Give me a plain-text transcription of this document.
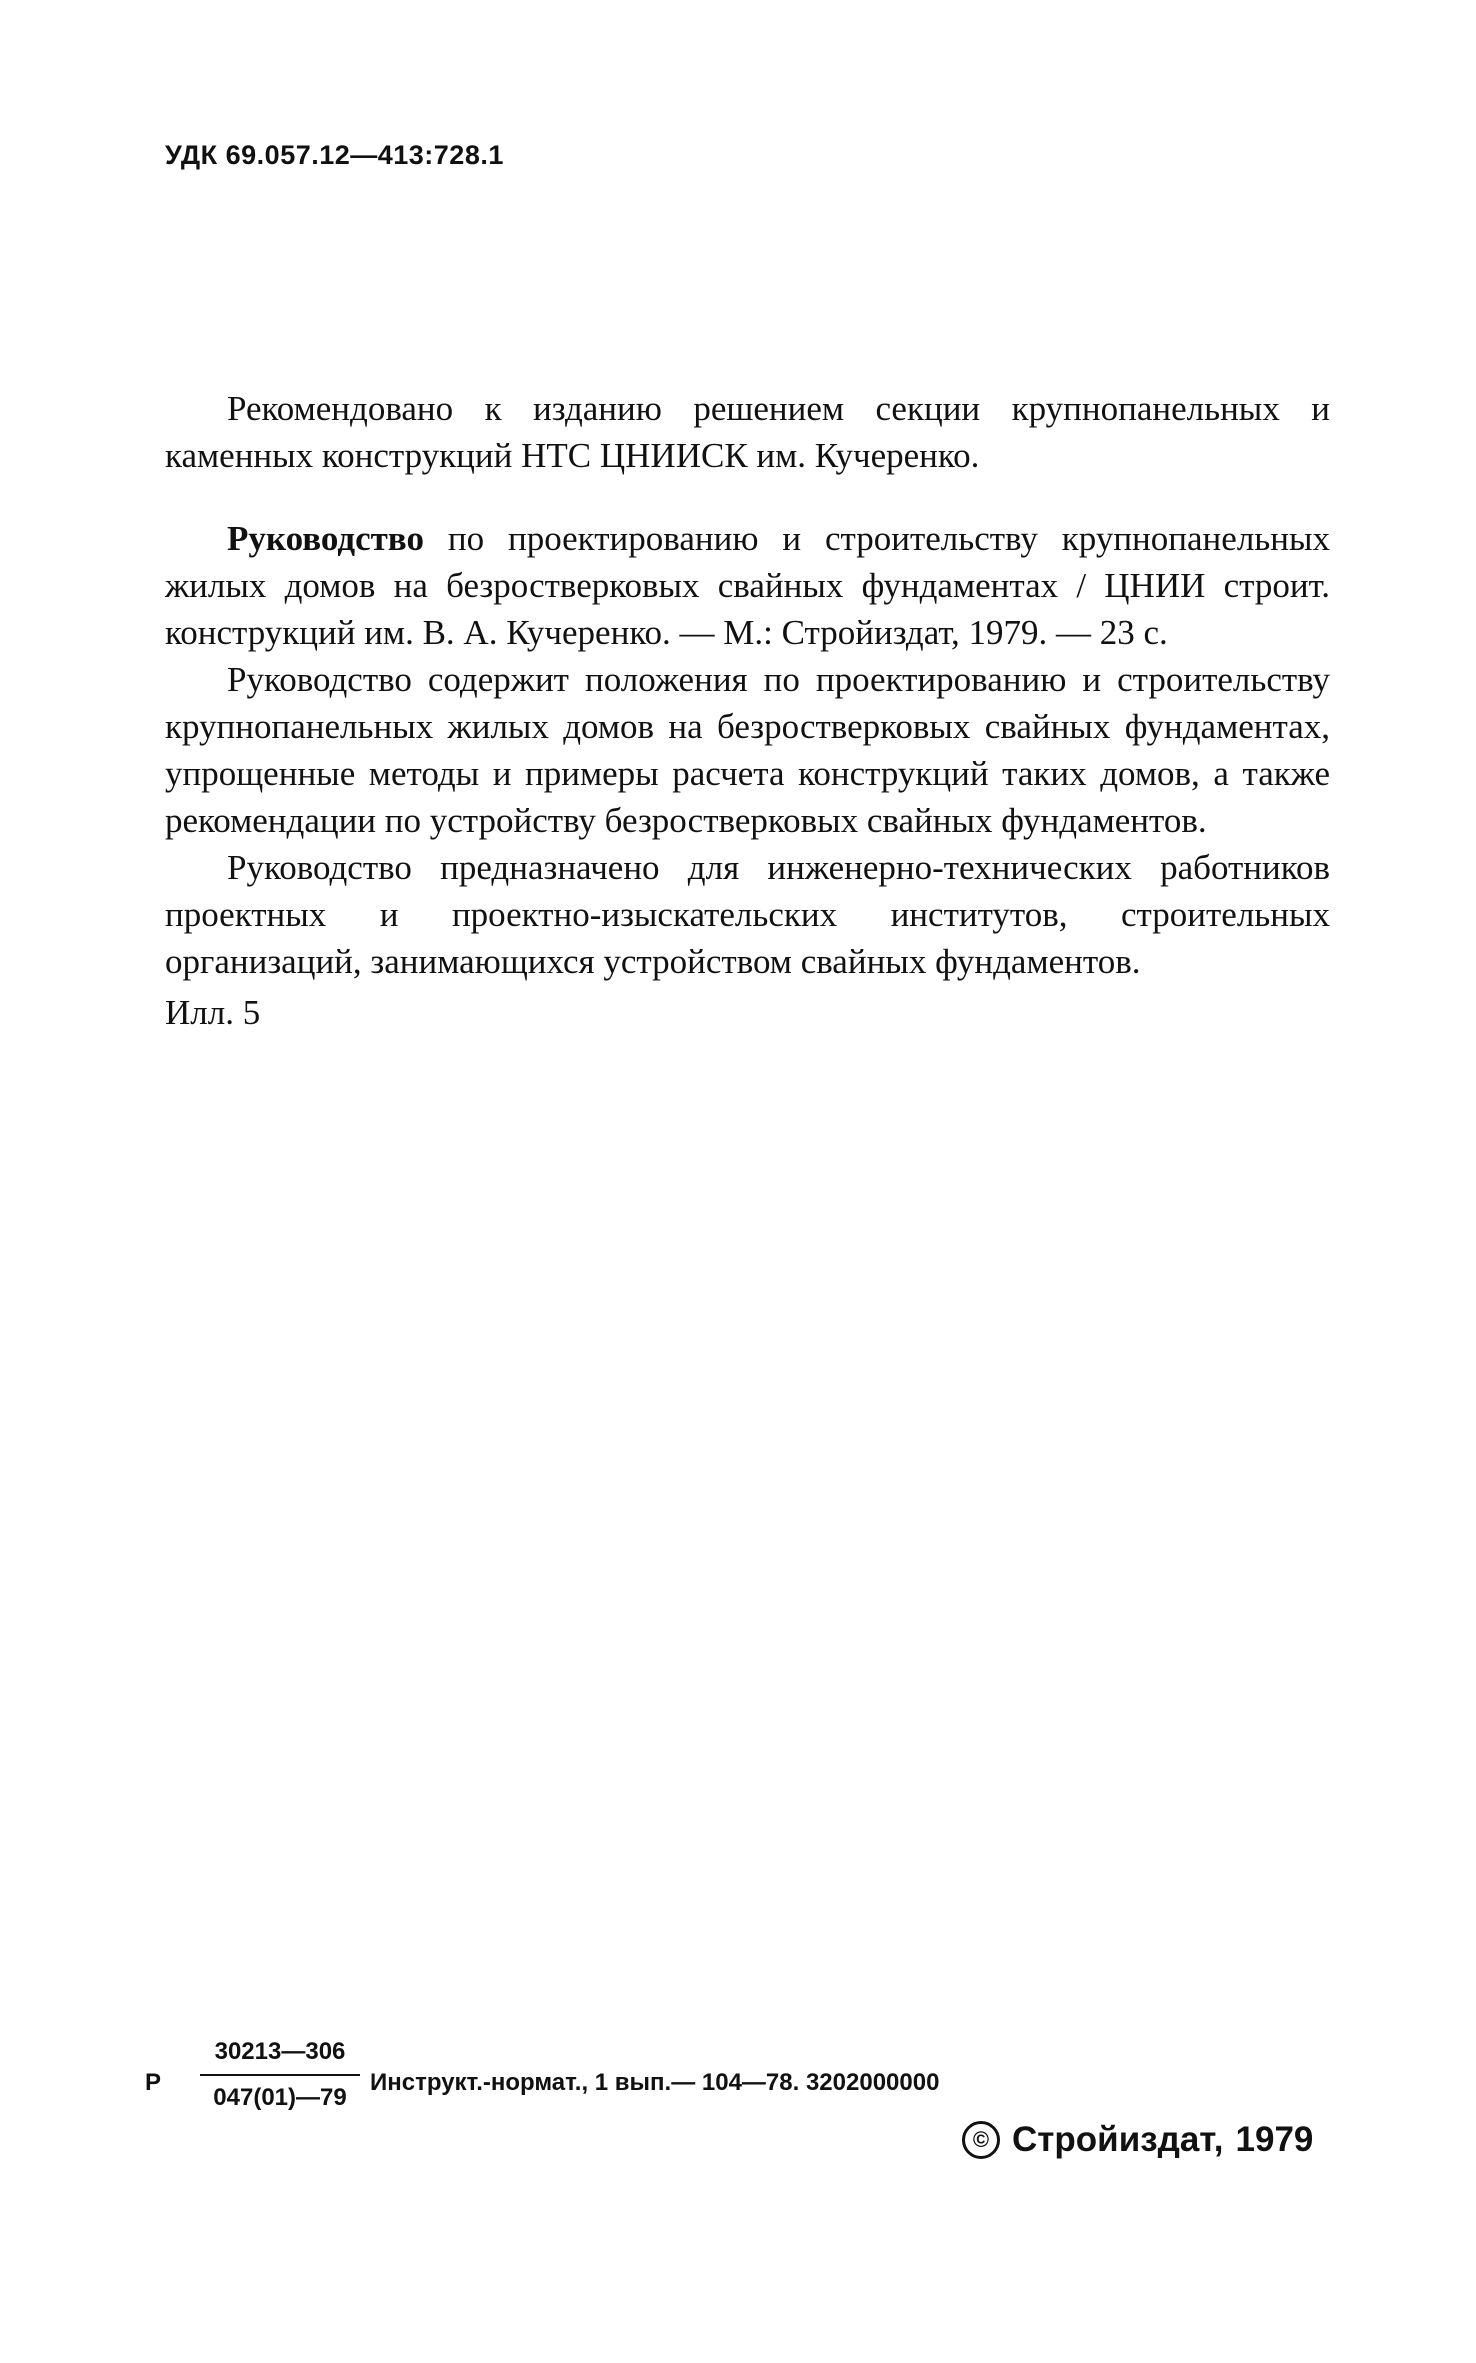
УДК 69.057.12—413:728.1
Рекомендовано к изданию решением секции крупнопанельных и каменных конструкций НТС ЦНИИСК им. Кучеренко.

Руководство по проектированию и строительству крупнопанельных жилых домов на безростверковых свайных фундаментах / ЦНИИ строит. конструкций им. В. А. Кучеренко. — М.: Стройиздат, 1979. — 23 с.

Руководство содержит положения по проектированию и строительству крупнопанельных жилых домов на безростверковых свайных фундаментах, упрощенные методы и примеры расчета конструкций таких домов, а также рекомендации по устройству безростверковых свайных фундаментов.

Руководство предназначено для инженерно-технических работников проектных и проектно-изыскательских институтов, строительных организаций, занимающихся устройством свайных фундаментов.

Илл. 5
Р
30213—306
047(01)—79
Инструкт.-нормат., 1 вып.— 104—78. 3202000000
© Стройиздат, 1979
